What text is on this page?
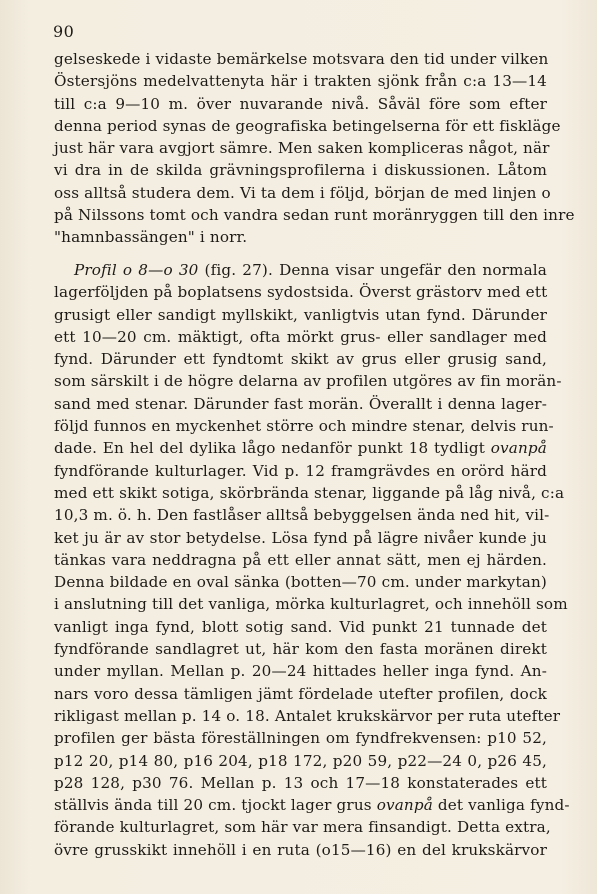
90
gelseskede i vidaste bemärkelse motsvara den tid under vilken
Östersjöns medelvattenyta här i trakten sjönk från c:a 13—14
till c:a 9—10 m. över nuvarande nivå. Såväl före som efter
denna period synas de geografiska betingelserna för ett fiskläge
just här vara avgjort sämre. Men saken kompliceras något, när
vi dra in de skilda grävningsprofilerna i diskussionen. Låtom
oss alltså studera dem. Vi ta dem i följd, början de med linjen o
på Nilssons tomt och vandra sedan runt moränryggen till den inre
"hamnbassängen" i norr.
Profil o 8—o 30 (fig. 27). Denna visar ungefär den normala
lagerföljden på boplatsens sydostsida. Överst grästorv med ett
grusigt eller sandigt myllskikt, vanligtvis utan fynd. Därunder
ett 10—20 cm. mäktigt, ofta mörkt grus- eller sandlager med
fynd. Därunder ett fyndtomt skikt av grus eller grusig sand,
som särskilt i de högre delarna av profilen utgöres av fin morän-
sand med stenar. Därunder fast morän. Överallt i denna lager-
följd funnos en myckenhet större och mindre stenar, delvis run-
dade. En hel del dylika lågo nedanför punkt 18 tydligt ovanpå
fyndförande kulturlager. Vid p. 12 framgrävdes en orörd härd
med ett skikt sotiga, skörbrända stenar, liggande på låg nivå, c:a
10,3 m. ö. h. Den fastlåser alltså bebyggelsen ända ned hit, vil-
ket ju är av stor betydelse. Lösa fynd på lägre nivåer kunde ju
tänkas vara neddragna på ett eller annat sätt, men ej härden.
Denna bildade en oval sänka (botten—70 cm. under markytan)
i anslutning till det vanliga, mörka kulturlagret, och innehöll som
vanligt inga fynd, blott sotig sand. Vid punkt 21 tunnade det
fyndförande sandlagret ut, här kom den fasta moränen direkt
under myllan. Mellan p. 20—24 hittades heller inga fynd. An-
nars voro dessa tämligen jämt fördelade utefter profilen, dock
rikligast mellan p. 14 o. 18. Antalet krukskärvor per ruta utefter
profilen ger bästa föreställningen om fyndfrekvensen: p10 52,
p12 20, p14 80, p16 204, p18 172, p20 59, p22—24 0, p26 45,
p28 128, p30 76. Mellan p. 13 och 17—18 konstaterades ett
ställvis ända till 20 cm. tjockt lager grus ovanpå det vanliga fynd-
förande kulturlagret, som här var mera finsandigt. Detta extra,
övre grusskikt innehöll i en ruta (o15—16) en del krukskärvor
